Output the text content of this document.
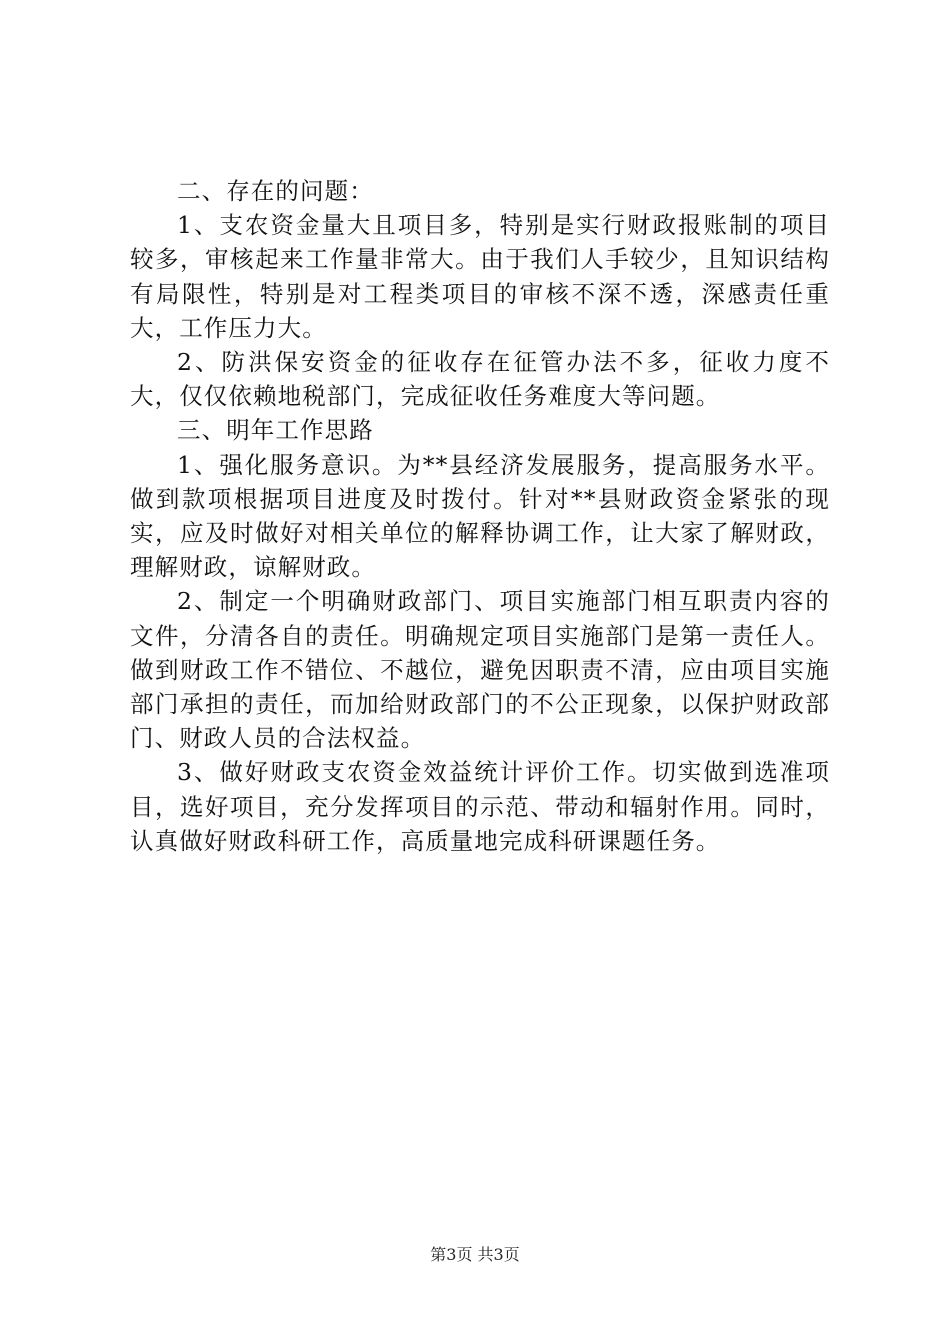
二、存在的问题：

1、支农资金量大且项目多，特别是实行财政报账制的项目较多，审核起来工作量非常大。由于我们人手较少，且知识结构有局限性，特别是对工程类项目的审核不深不透，深感责任重大，工作压力大。

2、防洪保安资金的征收存在征管办法不多，征收力度不大，仅仅依赖地税部门，完成征收任务难度大等问题。

三、明年工作思路

1、强化服务意识。为**县经济发展服务，提高服务水平。做到款项根据项目进度及时拨付。针对**县财政资金紧张的现实，应及时做好对相关单位的解释协调工作，让大家了解财政，理解财政，谅解财政。

2、制定一个明确财政部门、项目实施部门相互职责内容的文件，分清各自的责任。明确规定项目实施部门是第一责任人。做到财政工作不错位、不越位，避免因职责不清，应由项目实施部门承担的责任，而加给财政部门的不公正现象，以保护财政部门、财政人员的合法权益。

3、做好财政支农资金效益统计评价工作。切实做到选准项目，选好项目，充分发挥项目的示范、带动和辐射作用。同时，认真做好财政科研工作，高质量地完成科研课题任务。

第3页 共3页
